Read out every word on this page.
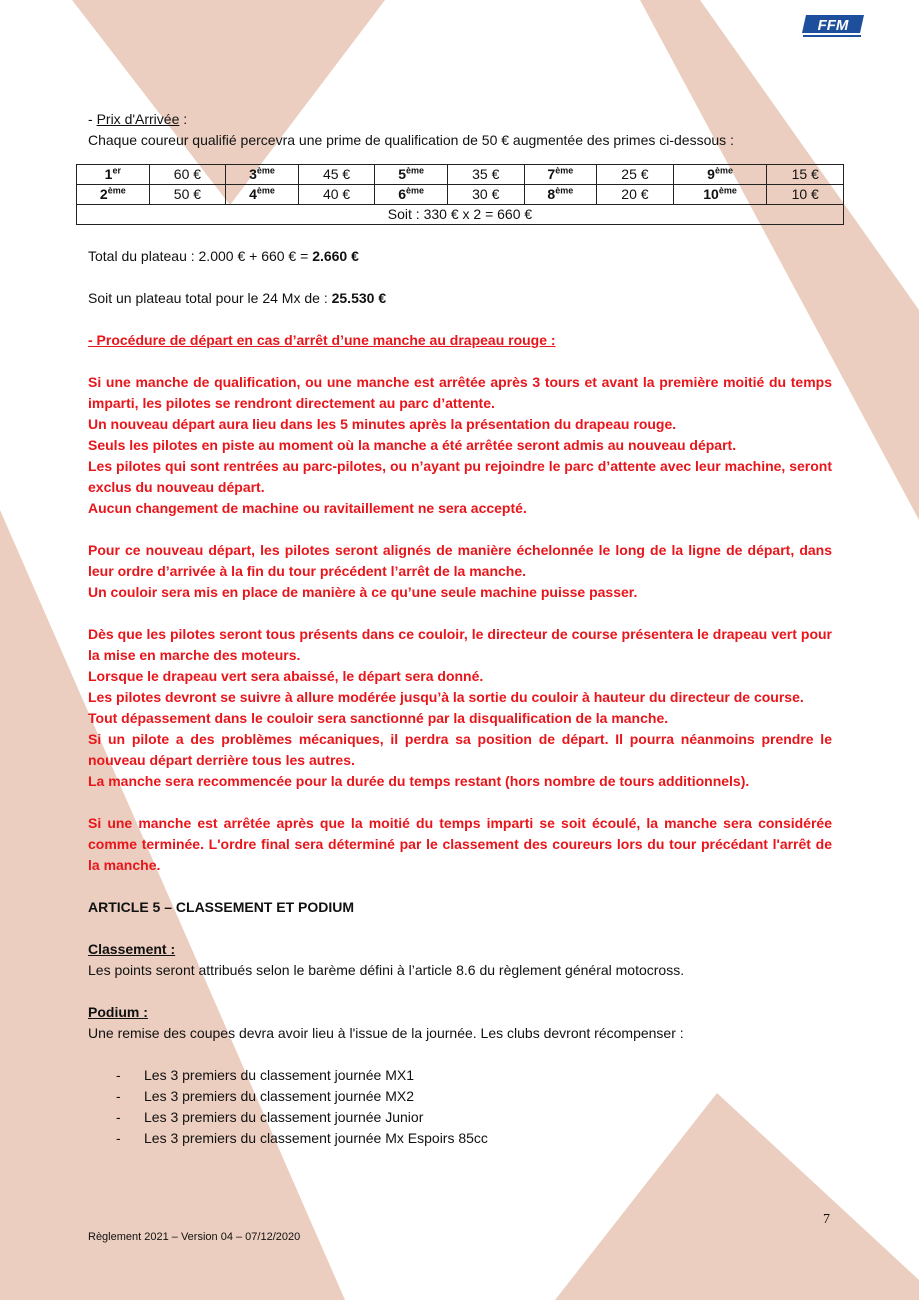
FFM

- Prix d'Arrivée :

Chaque coureur qualifié percevra une prime de qualification de 50 € augmentée des primes ci-dessous :

1er	60 €	3ème	45 €	5ème	35 €	7ème	25 €	9ème	15 €
2ème	50 €	4ème	40 €	6ème	30 €	8ème	20 €	10ème	10 €
Soit : 330 € x 2 = 660 €									

Total du plateau : 2.000 € + 660 € = 2.660 €

Soit un plateau total pour le 24 Mx de : 25.530 €

- Procédure de départ en cas d’arrêt d’une manche au drapeau rouge :

Si une manche de qualification, ou une manche est arrêtée après 3 tours et avant la première moitié du temps imparti, les pilotes se rendront directement au parc d’attente.

Un nouveau départ aura lieu dans les 5 minutes après la présentation du drapeau rouge.

Seuls les pilotes en piste au moment où la manche a été arrêtée seront admis au nouveau départ.

Les pilotes qui sont rentrées au parc-pilotes, ou n’ayant pu rejoindre le parc d’attente avec leur machine, seront exclus du nouveau départ.

Aucun changement de machine ou ravitaillement ne sera accepté.

Pour ce nouveau départ, les pilotes seront alignés de manière échelonnée le long de la ligne de départ, dans leur ordre d’arrivée à la fin du tour précédent l’arrêt de la manche.

Un couloir sera mis en place de manière à ce qu’une seule machine puisse passer.

Dès que les pilotes seront tous présents dans ce couloir, le directeur de course présentera le drapeau vert pour la mise en marche des moteurs.

Lorsque le drapeau vert sera abaissé, le départ sera donné.

Les pilotes devront se suivre à allure modérée jusqu’à la sortie du couloir à hauteur du directeur de course.

Tout dépassement dans le couloir sera sanctionné par la disqualification de la manche.

Si un pilote a des problèmes mécaniques, il perdra sa position de départ. Il pourra néanmoins prendre le nouveau départ derrière tous les autres.

La manche sera recommencée pour la durée du temps restant (hors nombre de tours additionnels).

Si une manche est arrêtée après que la moitié du temps imparti se soit écoulé, la manche sera considérée comme terminée. L'ordre final sera déterminé par le classement des coureurs lors du tour précédant l'arrêt de la manche.

ARTICLE 5 – CLASSEMENT ET PODIUM

Classement :

Les points seront attribués selon le barème défini à l’article 8.6 du règlement général motocross.

Podium :

Une remise des coupes devra avoir lieu à l'issue de la journée. Les clubs devront récompenser :

- Les 3 premiers du classement journée MX1
- Les 3 premiers du classement journée MX2
- Les 3 premiers du classement journée Junior
- Les 3 premiers du classement journée Mx Espoirs 85cc
7
Règlement 2021 – Version 04 – 07/12/2020
